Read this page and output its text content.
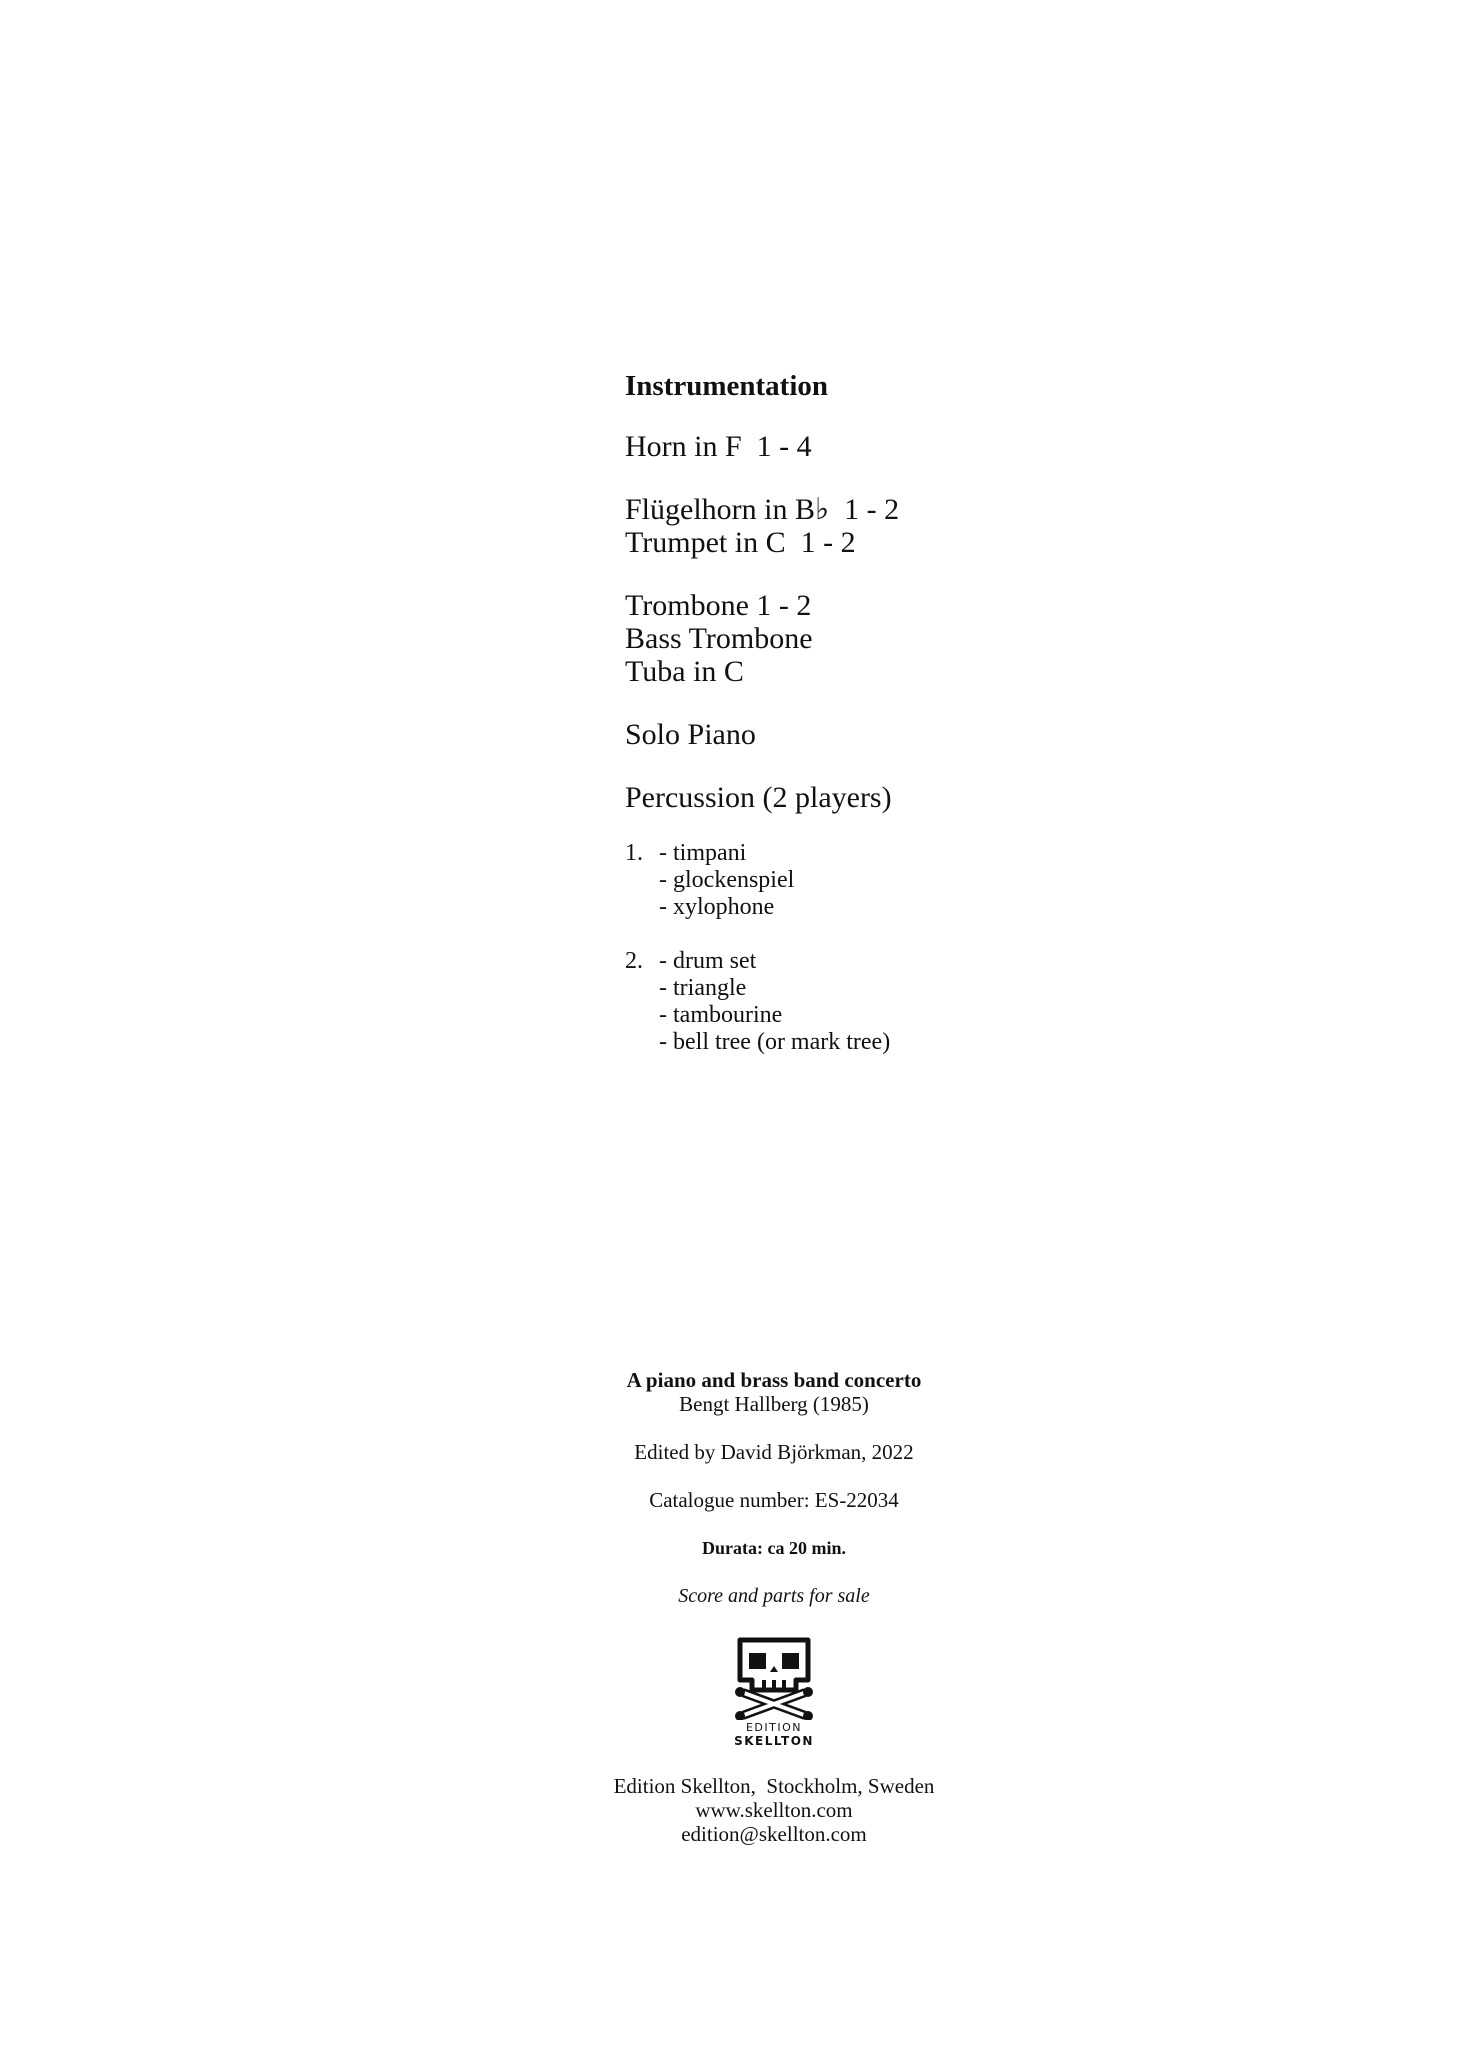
Instrumentation
Horn in F  1 - 4
Flügelhorn in B♭  1 - 2
Trumpet in C  1 - 2
Trombone 1 - 2
Bass Trombone
Tuba in C
Solo Piano
Percussion (2 players)
1. - timpani
- glockenspiel
- xylophone
2. - drum set
- triangle
- tambourine
- bell tree (or mark tree)
A piano and brass band concerto
Bengt Hallberg (1985)
Edited by David Björkman, 2022
Catalogue number: ES-22034
Durata: ca 20 min.
Score and parts for sale
EDITION
SKELLTON
Edition Skellton,  Stockholm, Sweden
www.skellton.com
edition@skellton.com
